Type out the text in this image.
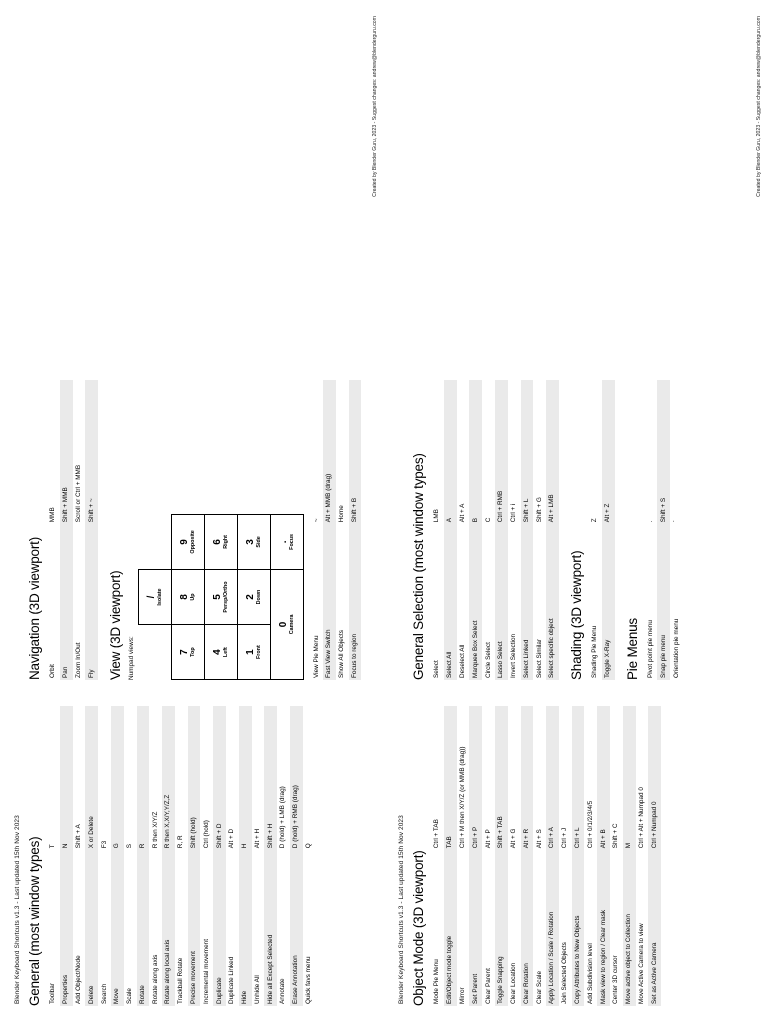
Blender Keyboard Shortcuts v1.3 - Last updated 15th Nov 2023 General (most window types) Toolbar	T
Properties	N
Add Object/Node	Shift + A
Delete	X or Delete
Search	F3
Move	G
Scale	S
Rotate	R
Rotate along axis	R then X/Y/Z
Rotate along local axis	R then X,X/Y,Y/Z,Z
Trackball Rotate	R, R
Precise movement	Shift (hold)
Incremental movement	Ctrl (hold)
Duplicate	Shift + D
Duplicate Linked	Alt + D
Hide	H
Unhide All	Alt + H
Hide all Except Selected	Shift + H
Annotate	D (hold) + LMB (drag)
Erase Annotation	D (hold) + RMB (drag)
Quick favs menu	Q
Navigation (3D viewport) Orbit	MMB
Pan	Shift + MMB
Zoom In/Out	Scroll or Ctrl + MMB
Fly	Shift + ~
View (3D viewport) Numpad views:

	/ Isolate	

7 Top	8 Up	9 Opposite

4 Left	5 Persp/Ortho	6 Right

1 Front	2 Down	3 Side

0 Camera		. Focus
View Pie Menu	~
Fast View Switch	Alt + MMB (drag)
Show All Objects	Home
Focus to region	Shift + B
Created by Blender Guru, 2023 - Suggest changes: andrew@blenderguru.com
Blender Keyboard Shortcuts v1.3 - Last updated 15th Nov 2023 Object Mode (3D viewport) Mode Pie Menu	Ctrl + TAB
Edit/Object mode toggle	TAB
Mirror	Ctrl + M then X/Y/Z (or MMB (drag))
Set Parent	Ctrl + P
Clear Parent	Alt + P
Toggle Snapping	Shift + TAB
Clear Location	Alt + G
Clear Rotation	Alt + R
Clear Scale	Alt + S
Apply Location / Scale / Rotation	Ctrl + A
Join Selected Objects	Ctrl + J
Copy Attributes to New Objects	Ctrl + L
Add Subdivision level	Ctrl + 0/1/2/3/4/5
Mask view to region / Clear mask	Alt + B
Center 3D cursor	Shift + C
Move active object to Collection	M
Move Active Camera to view	Ctrl + Alt + Numpad 0
Set as Active Camera	Ctrl + Numpad 0
General Selection (most window types) Select	LMB
Select All	A
Deselect All	Alt + A
Marquee Box Select	B
Circle Select	C
Lasso Select	Ctrl + RMB
Invert Selection	Ctrl + i
Select Linked	Shift + L
Select Similar	Shift + G
Select specific object	Alt + LMB
Shading (3D viewport) Shading Pie Menu	Z
Toggle X-Ray	Alt + Z
Pie Menus Pivot point pie menu	.
Snap pie menu	Shift + S
Orientation pie menu	`
Created by Blender Guru, 2023 - Suggest changes: andrew@blenderguru.com
